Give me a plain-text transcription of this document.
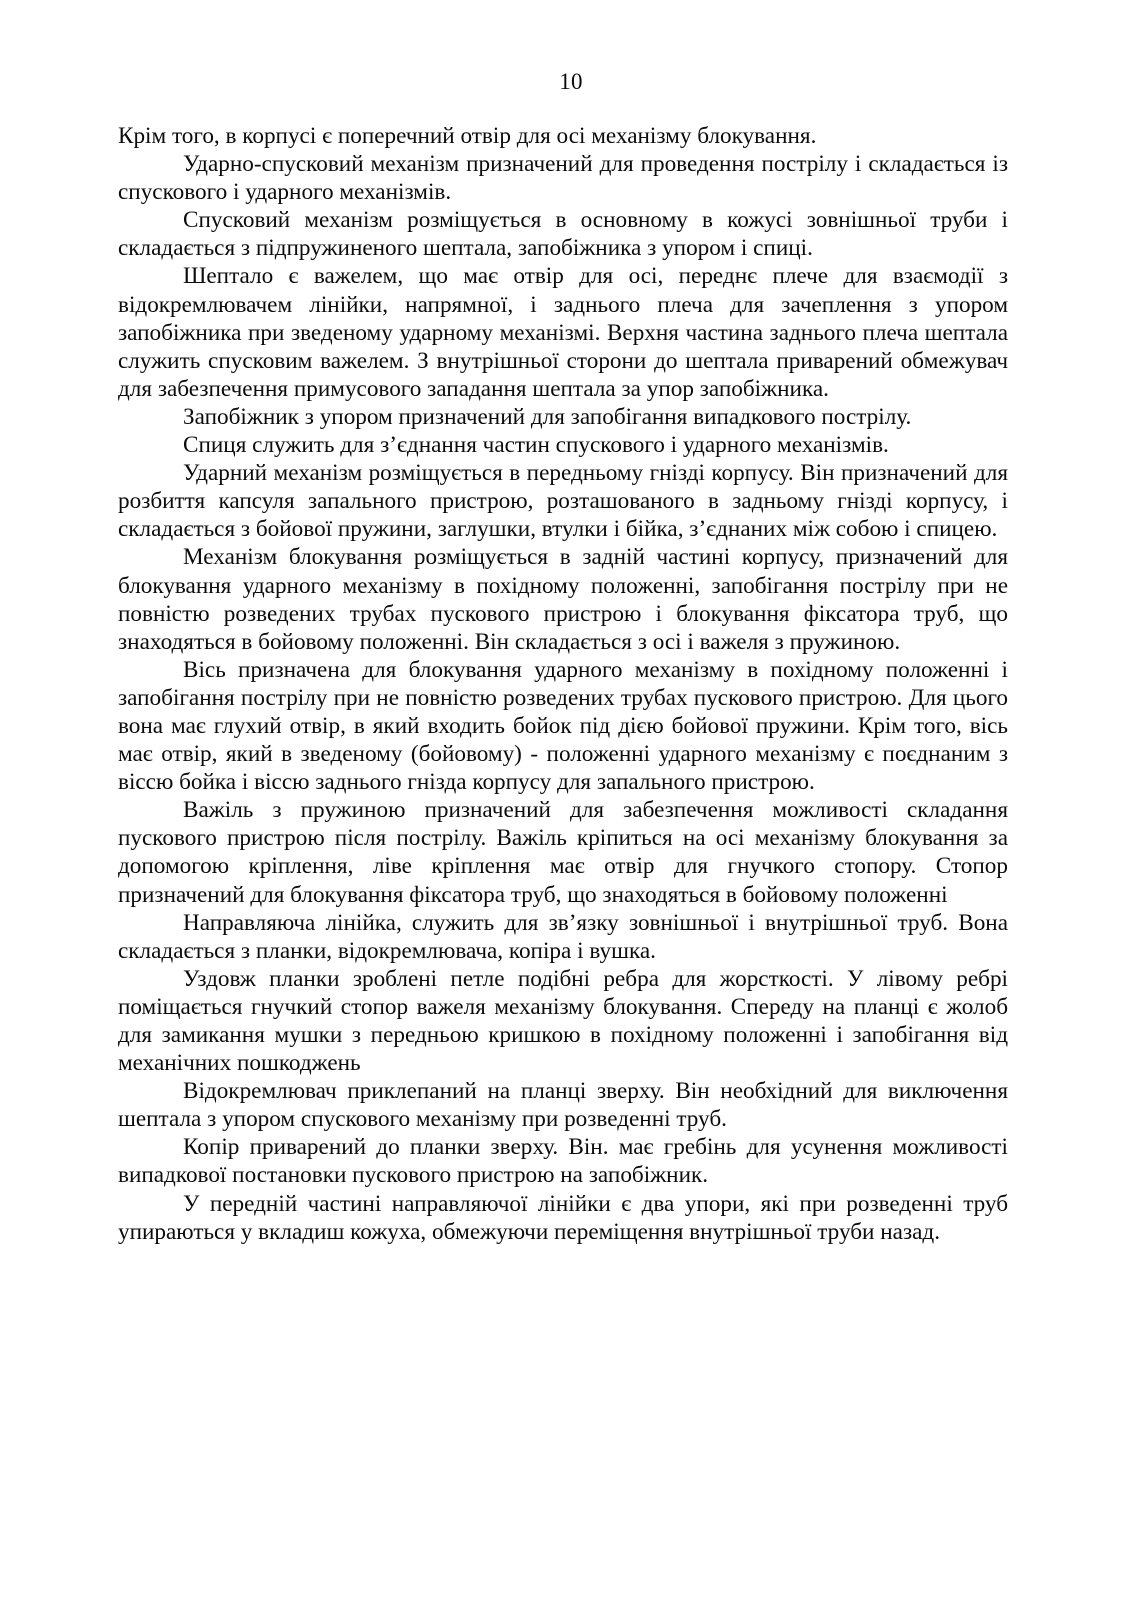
10

Крім того, в корпусі є поперечний отвір для осі механізму блокування.

Ударно-спусковий механізм призначений для проведення пострілу і складається із спускового і ударного механізмів.

Спусковий механізм розміщується в основному в кожусі зовнішньої труби і складається з підпружиненого шептала, запобіжника з упором і спиці.

Шептало є важелем, що має отвір для осі, переднє плече для взаємодії з відокремлювачем лінійки, напрямної, і заднього плеча для зачеплення з упором запобіжника при зведеному ударному механізмі. Верхня частина заднього плеча шептала служить спусковим важелем. З внутрішньої сторони до шептала приварений обмежувач для забезпечення примусового западання шептала за упор запобіжника.

Запобіжник з упором призначений для запобігання випадкового пострілу.

Спиця служить для з’єднання частин спускового і ударного механізмів.

Ударний механізм розміщується в передньому гнізді корпусу. Він призначений для розбиття капсуля запального пристрою, розташованого в задньому гнізді корпусу, і складається з бойової пружини, заглушки, втулки і бійка, з’єднаних між собою і спицею.

Механізм блокування розміщується в задній частині корпусу, призначений для блокування ударного механізму в похідному положенні, запобігання пострілу при не повністю розведених трубах пускового пристрою і блокування фіксатора труб, що знаходяться в бойовому положенні. Він складається з осі і важеля з пружиною.

Вісь призначена для блокування ударного механізму в похідному положенні і запобігання пострілу при не повністю розведених трубах пускового пристрою. Для цього вона має глухий отвір, в який входить бойок під дією бойової пружини. Крім того, вісь має отвір, який в зведеному (бойовому) - положенні ударного механізму є поєднаним з віссю бойка і віссю заднього гнізда корпусу для запального пристрою.

Важіль з пружиною призначений для забезпечення можливості складання пускового пристрою після пострілу. Важіль кріпиться на осі механізму блокування за допомогою кріплення, ліве кріплення має отвір для гнучкого стопору. Стопор призначений для блокування фіксатора труб, що знаходяться в бойовому положенні

Направляюча лінійка, служить для зв’язку зовнішньої і внутрішньої труб. Вона складається з планки, відокремлювача, копіра і вушка.

Уздовж планки зроблені петле подібні ребра для жорсткості. У лівому ребрі поміщається гнучкий стопор важеля механізму блокування. Спереду на планці є жолоб для замикання мушки з передньою кришкою в похідному положенні і запобігання від механічних пошкоджень

Відокремлювач приклепаний на планці зверху. Він необхідний для виключення шептала з упором спускового механізму при розведенні труб.

Копір приварений до планки зверху. Він. має гребінь для усунення можливості випадкової постановки пускового пристрою на запобіжник.

У передній частині направляючої лінійки є два упори, які при розведенні труб упираються у вкладиш кожуха, обмежуючи переміщення внутрішньої труби назад.
